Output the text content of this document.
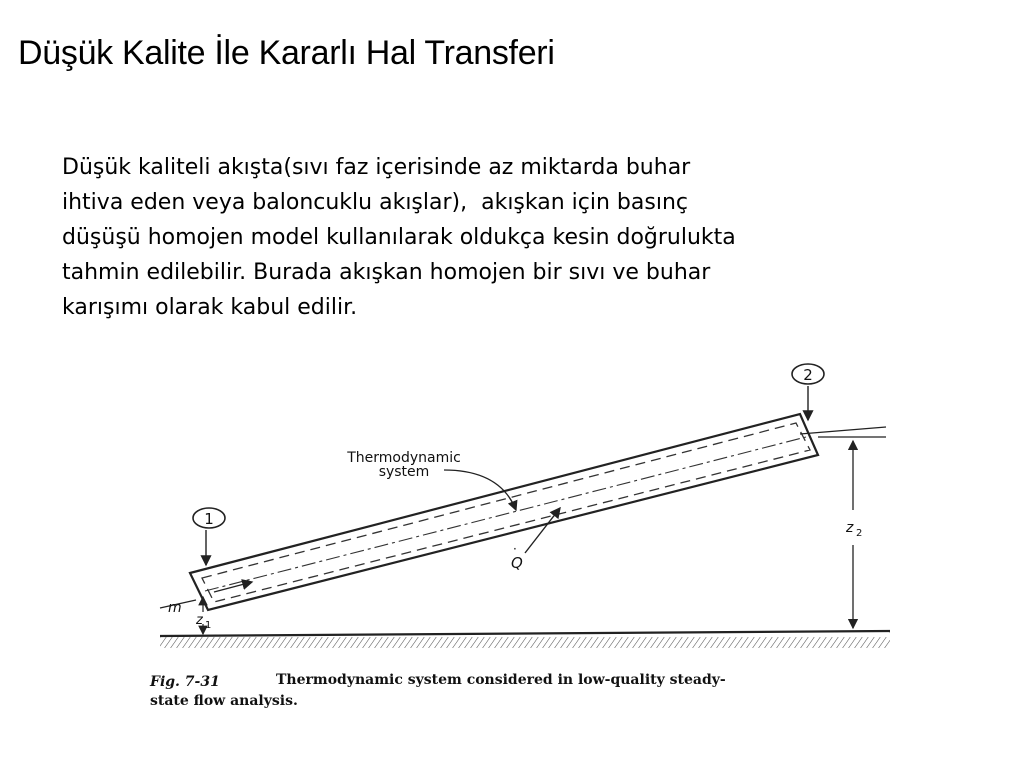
Düşük Kalite İle Kararlı Hal Transferi
Düşük kaliteli akışta(sıvı faz içerisinde az miktarda buhar
ihtiva eden veya baloncuklu akışlar),  akışkan için basınç
düşüşü homojen model kullanılarak oldukça kesin doğrulukta
tahmin edilebilir. Burada akışkan homojen bir sıvı ve buhar
karışımı olarak kabul edilir.
1
2
Thermodynamic
system
Q
·
m
z 1
z 2
Fig. 7-31	Thermodynamic system considered in low-quality steady-
state flow analysis.
